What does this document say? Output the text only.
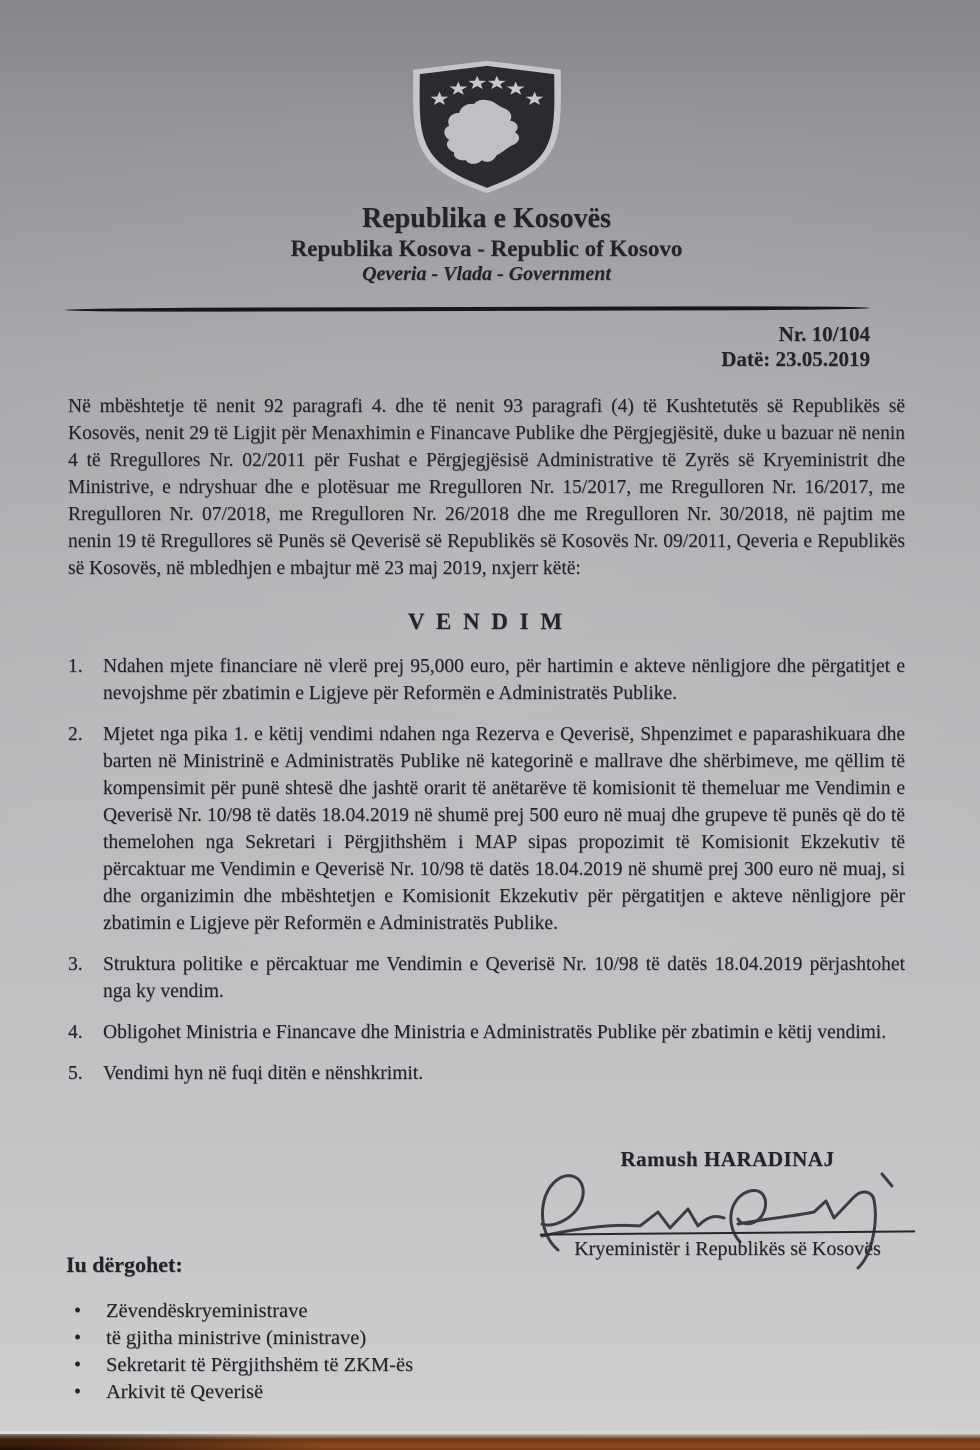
Republika e Kosovës
Republika Kosova - Republic of Kosovo
Qeveria - Vlada - Government
Nr. 10/104
Datë: 23.05.2019

Në mbështetje të nenit 92 paragrafi 4. dhe të nenit 93 paragrafi (4) të Kushtetutës së Republikës së Kosovës, nenit 29 të Ligjit për Menaxhimin e Financave Publike dhe Përgjegjësitë, duke u bazuar në nenin 4 të Rregullores Nr. 02/2011 për Fushat e Përgjegjësisë Administrative të Zyrës së Kryeministrit dhe Ministrive, e ndryshuar dhe e plotësuar me Rregulloren Nr. 15/2017, me Rregulloren Nr. 16/2017, me Rregulloren Nr. 07/2018, me Rregulloren Nr. 26/2018 dhe me Rregulloren Nr. 30/2018, në pajtim me nenin 19 të Rregullores së Punës së Qeverisë së Republikës së Kosovës Nr. 09/2011, Qeveria e Republikës së Kosovës, në mbledhjen e mbajtur më 23 maj 2019, nxjerr këtë:

V E N D I M
1.	Ndahen mjete financiare në vlerë prej 95,000 euro, për hartimin e akteve nënligjore dhe përgatitjet e nevojshme për zbatimin e Ligjeve për Reformën e Administratës Publike.
2.	Mjetet nga pika 1. e këtij vendimi ndahen nga Rezerva e Qeverisë, Shpenzimet e paparashikuara dhe barten në Ministrinë e Administratës Publike në kategorinë e mallrave dhe shërbimeve, me qëllim të kompensimit për punë shtesë dhe jashtë orarit të anëtarëve të komisionit të themeluar me Vendimin e Qeverisë Nr. 10/98 të datës 18.04.2019 në shumë prej 500 euro në muaj dhe grupeve të punës që do të themelohen nga Sekretari i Përgjithshëm i MAP sipas propozimit të Komisionit Ekzekutiv të përcaktuar me Vendimin e Qeverisë Nr. 10/98 të datës 18.04.2019 në shumë prej 300 euro në muaj, si dhe organizimin dhe mbështetjen e Komisionit Ekzekutiv për përgatitjen e akteve nënligjore për zbatimin e Ligjeve për Reformën e Administratës Publike.
3.	Struktura politike e përcaktuar me Vendimin e Qeverisë Nr. 10/98 të datës 18.04.2019 përjashtohet nga ky vendim.
4.	Obligohet Ministria e Financave dhe Ministria e Administratës Publike për zbatimin e këtij vendimi.
5.	Vendimi hyn në fuqi ditën e nënshkrimit.
Ramush HARADINAJ
Kryeministër i Republikës së Kosovës
Iu dërgohet:
• Zëvendëskryeministrave
• të gjitha ministrive (ministrave)
• Sekretarit të Përgjithshëm të ZKM-ës
• Arkivit të Qeverisë
